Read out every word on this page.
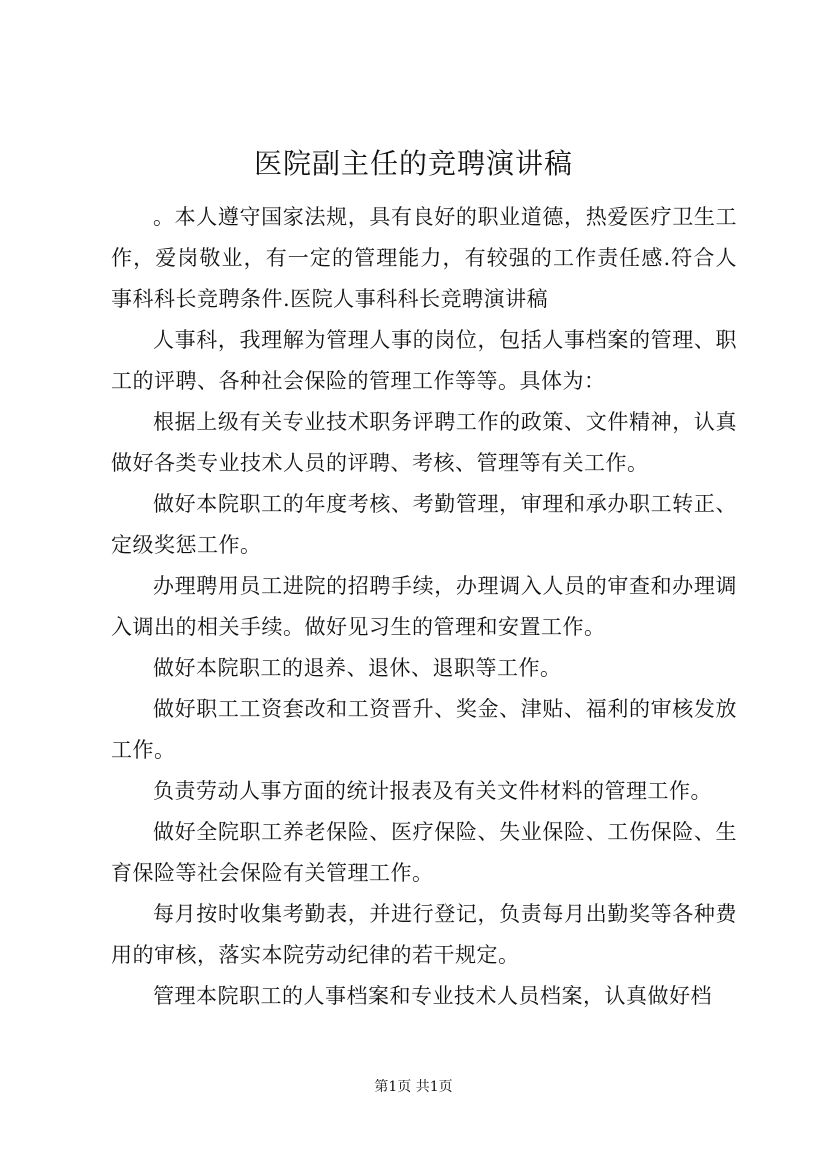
医院副主任的竞聘演讲稿

。本人遵守国家法规，具有良好的职业道德，热爱医疗卫生工作，爱岗敬业，有一定的管理能力，有较强的工作责任感.符合人事科科长竞聘条件.医院人事科科长竞聘演讲稿

人事科，我理解为管理人事的岗位，包括人事档案的管理、职工的评聘、各种社会保险的管理工作等等。具体为：

根据上级有关专业技术职务评聘工作的政策、文件精神，认真做好各类专业技术人员的评聘、考核、管理等有关工作。

做好本院职工的年度考核、考勤管理，审理和承办职工转正、定级奖惩工作。

办理聘用员工进院的招聘手续，办理调入人员的审查和办理调入调出的相关手续。做好见习生的管理和安置工作。

做好本院职工的退养、退休、退职等工作。

做好职工工资套改和工资晋升、奖金、津贴、福利的审核发放工作。

负责劳动人事方面的统计报表及有关文件材料的管理工作。

做好全院职工养老保险、医疗保险、失业保险、工伤保险、生育保险等社会保险有关管理工作。

每月按时收集考勤表，并进行登记，负责每月出勤奖等各种费用的审核，落实本院劳动纪律的若干规定。

管理本院职工的人事档案和专业技术人员档案，认真做好档

第1页 共1页
